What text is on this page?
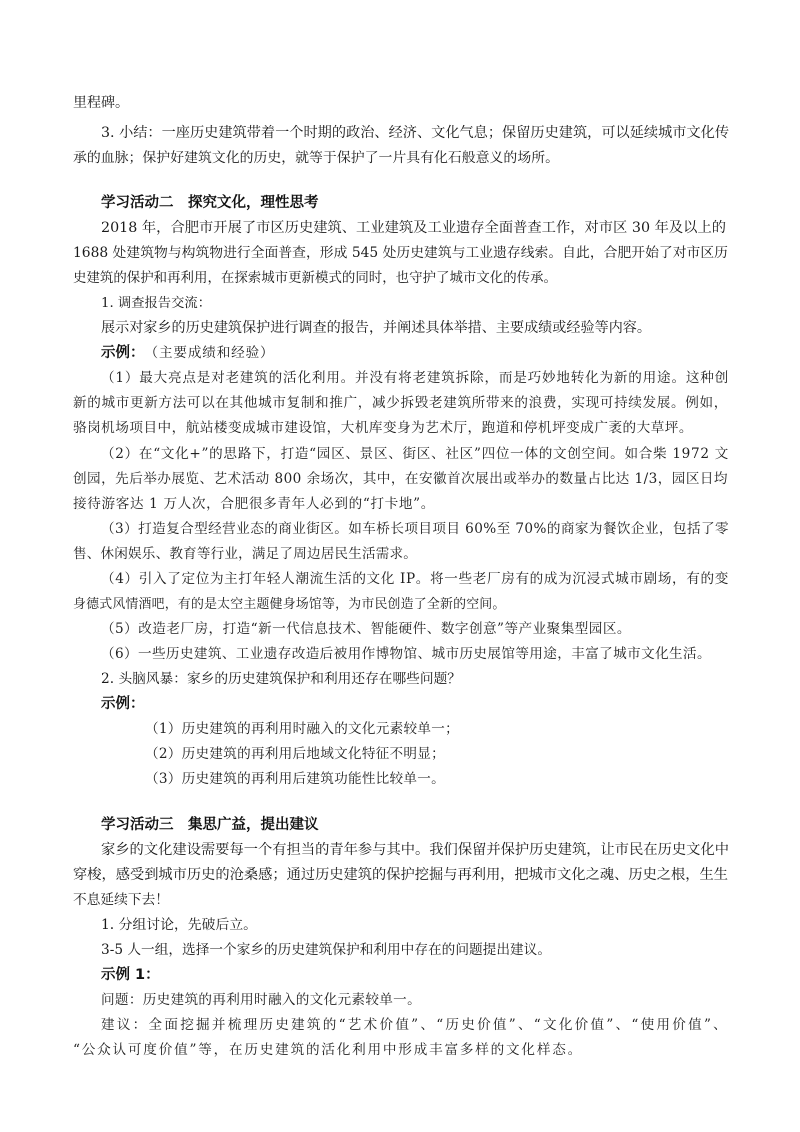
里程碑。
3. 小结：一座历史建筑带着一个时期的政治、经济、文化气息；保留历史建筑，可以延续城市文化传
承的血脉；保护好建筑文化的历史，就等于保护了一片具有化石般意义的场所。
学习活动二　探究文化，理性思考
2018 年，合肥市开展了市区历史建筑、工业建筑及工业遗存全面普查工作，对市区 30 年及以上的
1688 处建筑物与构筑物进行全面普查，形成 545 处历史建筑与工业遗存线索。自此，合肥开始了对市区历
史建筑的保护和再利用，在探索城市更新模式的同时，也守护了城市文化的传承。
1. 调查报告交流：
展示对家乡的历史建筑保护进行调查的报告，并阐述具体举措、主要成绩或经验等内容。
示例：（主要成绩和经验）
（1）最大亮点是对老建筑的活化利用。并没有将老建筑拆除，而是巧妙地转化为新的用途。这种创
新的城市更新方法可以在其他城市复制和推广，减少拆毁老建筑所带来的浪费，实现可持续发展。例如，
骆岗机场项目中，航站楼变成城市建设馆，大机库变身为艺术厅，跑道和停机坪变成广袤的大草坪。
（2）在“文化+”的思路下，打造“园区、景区、街区、社区”四位一体的文创空间。如合柴 1972 文
创园，先后举办展览、艺术活动 800 余场次，其中，在安徽首次展出或举办的数量占比达 1/3，园区日均
接待游客达 1 万人次，合肥很多青年人必到的“打卡地”。
（3）打造复合型经营业态的商业街区。如车桥长项目项目 60%至 70%的商家为餐饮企业，包括了零
售、休闲娱乐、教育等行业，满足了周边居民生活需求。
（4）引入了定位为主打年轻人潮流生活的文化 IP。将一些老厂房有的成为沉浸式城市剧场，有的变
身德式风情酒吧，有的是太空主题健身场馆等，为市民创造了全新的空间。
（5）改造老厂房，打造“新一代信息技术、智能硬件、数字创意”等产业聚集型园区。
（6）一些历史建筑、工业遗存改造后被用作博物馆、城市历史展馆等用途，丰富了城市文化生活。
2. 头脑风暴：家乡的历史建筑保护和利用还存在哪些问题？
示例：
（1）历史建筑的再利用时融入的文化元素较单一；
（2）历史建筑的再利用后地域文化特征不明显；
（3）历史建筑的再利用后建筑功能性比较单一。
学习活动三　集思广益，提出建议
家乡的文化建设需要每一个有担当的青年参与其中。我们保留并保护历史建筑，让市民在历史文化中
穿梭，感受到城市历史的沧桑感；通过历史建筑的保护挖掘与再利用，把城市文化之魂、历史之根，生生
不息延续下去！
1. 分组讨论，先破后立。
3-5 人一组，选择一个家乡的历史建筑保护和利用中存在的问题提出建议。
示例 1：
问题：历史建筑的再利用时融入的文化元素较单一。
建议：全面挖掘并梳理历史建筑的“艺术价值”、“历史价值”、“文化价值”、“使用价值”、
“公众认可度价值”等，在历史建筑的活化利用中形成丰富多样的文化样态。
